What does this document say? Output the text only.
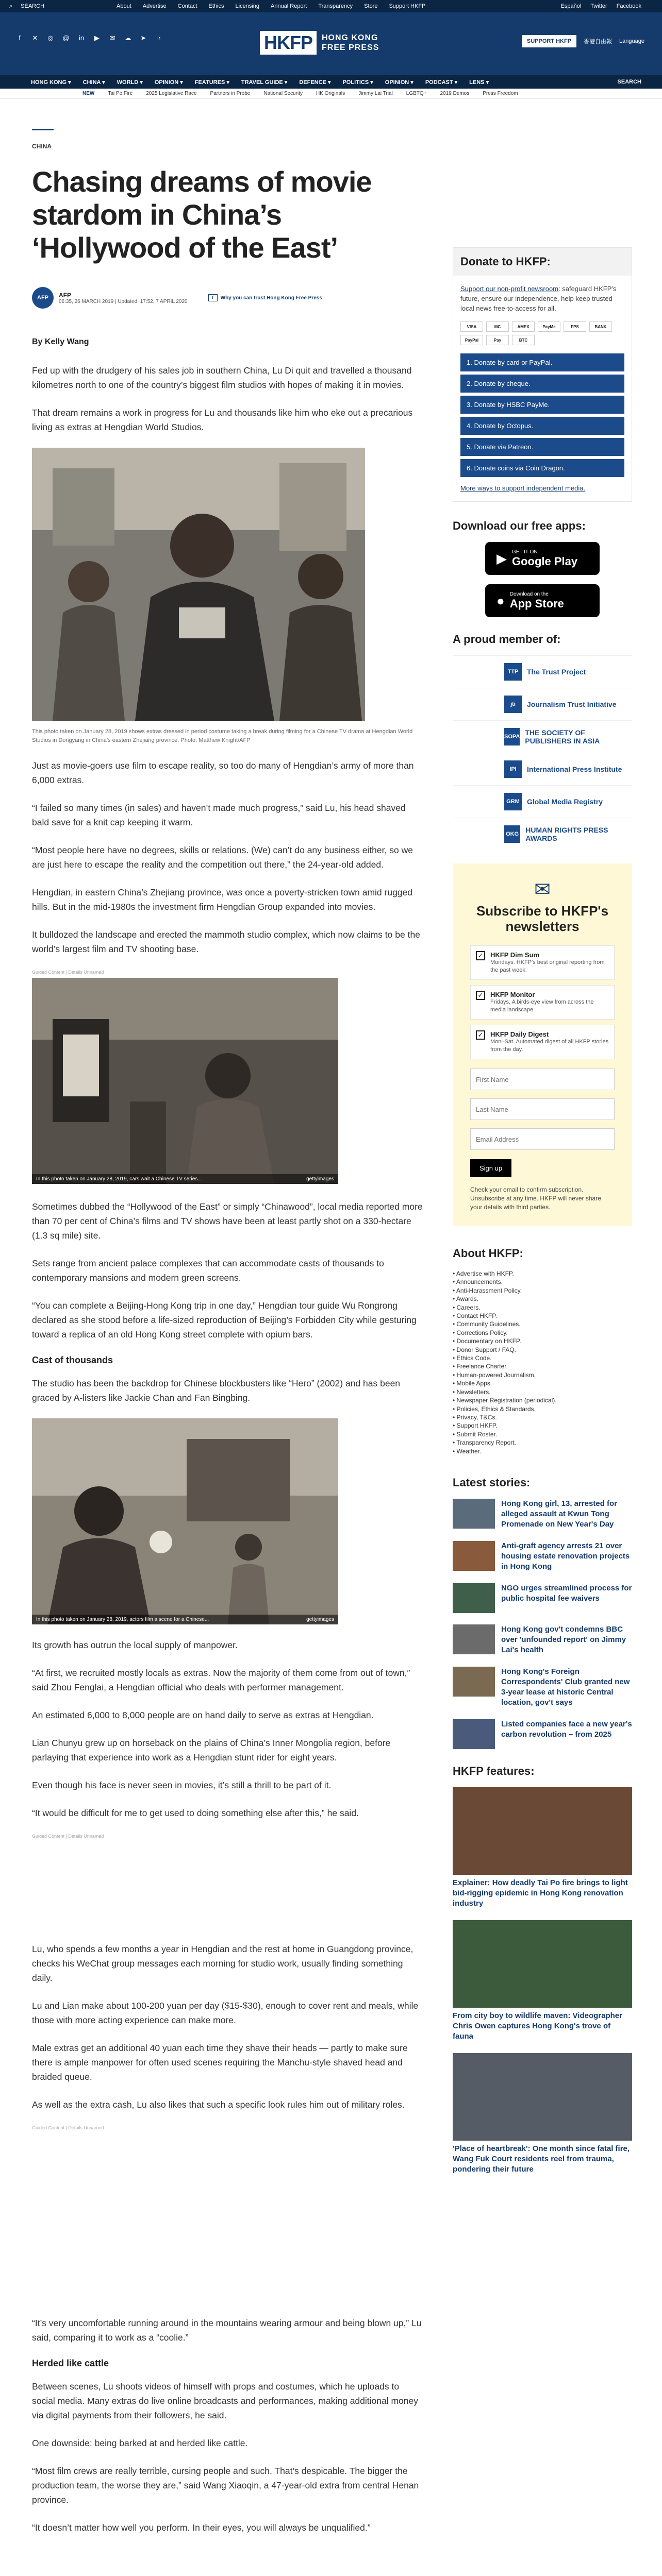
⌕ SEARCH	About Advertise Contact Ethics Licensing Annual Report Transparency Store Support HKFP	Español Twitter Facebook
f	✕ ◎ @ in ▶ ✉ ☁ ➤	◔	HKFP	HONG KONG
FREE PRESS
SUPPORT HKFP	香港自由報 Language
HONG KONG ▾ CHINA ▾ WORLD ▾ OPINION ▾ FEATURES ▾ TRAVEL GUIDE ▾ DEFENCE ▾ POLITICS ▾ OPINION ▾ PODCAST ▾ LENS ▾	SEARCH
NEW	Tai Po Fire	2025 Legislative Race	Partners in Probe	National Security	HK Originals	Jimmy Lai Trial	LGBTQ+	2019 Demos	Press Freedom
CHINA
Chasing dreams of movie stardom in China’s ‘Hollywood of the East’
AFP	AFP
06:35, 26 MARCH 2019 | Updated: 17:52, 7 APRIL 2020
T	Why you can trust Hong Kong Free Press
By Kelly Wang

Fed up with the drudgery of his sales job in southern China, Lu Di quit and travelled a thousand kilometres north to one of the country’s biggest film studios with hopes of making it in movies.

That dream remains a work in progress for Lu and thousands like him who eke out a precarious living as extras at Hengdian World Studios.

This photo taken on January 28, 2019 shows extras dressed in period costume taking a break during filming for a Chinese TV drama at Hengdian World Studios in Dongyang in China’s eastern Zhejiang province. Photo: Matthew Knight/AFP

Just as movie-goers use film to escape reality, so too do many of Hengdian’s army of more than 6,000 extras.

“I failed so many times (in sales) and haven’t made much progress,” said Lu, his head shaved bald save for a knit cap keeping it warm.

“Most people here have no degrees, skills or relations. (We) can’t do any business either, so we are just here to escape the reality and the competition out there,” the 24-year-old added.

Hengdian, in eastern China’s Zhejiang province, was once a poverty-stricken town amid rugged hills. But in the mid-1980s the investment firm Hengdian Group expanded into movies.

It bulldozed the landscape and erected the mammoth studio complex, which now claims to be the world’s largest film and TV shooting base.

Guided Content | Details Unnamed
In this photo taken on January 28, 2019, cars wait a Chinese TV series...	gettyimages

Sometimes dubbed the “Hollywood of the East” or simply “Chinawood”, local media reported more than 70 per cent of China’s films and TV shows have been at least partly shot on a 330-hectare (1.3 sq mile) site.

Sets range from ancient palace complexes that can accommodate casts of thousands to contemporary mansions and modern green screens.

“You can complete a Beijing-Hong Kong trip in one day,” Hengdian tour guide Wu Rongrong declared as she stood before a life-sized reproduction of Beijing’s Forbidden City while gesturing toward a replica of an old Hong Kong street complete with opium bars.

Cast of thousands

The studio has been the backdrop for Chinese blockbusters like “Hero” (2002) and has been graced by A-listers like Jackie Chan and Fan Bingbing.

In this photo taken on January 28, 2019, actors film a scene for a Chinese...	gettyimages

Its growth has outrun the local supply of manpower.

“At first, we recruited mostly locals as extras. Now the majority of them come from out of town,” said Zhou Fenglai, a Hengdian official who deals with performer management.

An estimated 6,000 to 8,000 people are on hand daily to serve as extras at Hengdian.

Lian Chunyu grew up on horseback on the plains of China’s Inner Mongolia region, before parlaying that experience into work as a Hengdian stunt rider for eight years.

Even though his face is never seen in movies, it’s still a thrill to be part of it.

“It would be difficult for me to get used to doing something else after this,” he said.

Guided Content | Details Unnamed

Lu, who spends a few months a year in Hengdian and the rest at home in Guangdong province, checks his WeChat group messages each morning for studio work, usually finding something daily.

Lu and Lian make about 100-200 yuan per day ($15-$30), enough to cover rent and meals, while those with more acting experience can make more.

Male extras get an additional 40 yuan each time they shave their heads — partly to make sure there is ample manpower for often used scenes requiring the Manchu-style shaved head and braided queue.

As well as the extra cash, Lu also likes that such a specific look rules him out of military roles.

Guided Content | Details Unnamed

“It’s very uncomfortable running around in the mountains wearing armour and being blown up,” Lu said, comparing it to work as a “coolie.”

Herded like cattle

Between scenes, Lu shoots videos of himself with props and costumes, which he uploads to social media. Many extras do live online broadcasts and performances, making additional money via digital payments from their followers, he said.

One downside: being barked at and herded like cattle.

“Most film crews are really terrible, cursing people and such. That’s despicable. The bigger the production team, the worse they are,” said Wang Xiaoqin, a 47-year-old extra from central Henan province.

“It doesn’t matter how well you perform. In their eyes, you will always be unqualified.”

Donate to HKFP:
Support our non-profit newsroom: safeguard HKFP’s future, ensure our independence, help keep trusted local news free-to-access for all.
VISA	MC	AMEX	PayMe	FPS	BANK
PayPal	Pay	BTC
1. Donate by card or PayPal.
2. Donate by cheque.
3. Donate by HSBC PayMe.
4. Donate by Octopus.
5. Donate via Patreon.
6. Donate coins via Coin Dragon.
More ways to support independent media.
Download our free apps:
▶ GET IT ON
Google Play
● Download on the
App Store
A proud member of:
TTP	The Trust Project
jti	Journalism Trust Initiative
SOPA THE SOCIETY OF PUBLISHERS IN ASIA
IPI	International Press Institute
GRM Global Media Registry
OKG HUMAN RIGHTS PRESS AWARDS
✉
Subscribe to HKFP's newsletters
✓ HKFP Dim Sum
Mondays. HKFP's best original reporting from the past week.
✓ HKFP Monitor
Fridays. A birds-eye view from across the media landscape.
✓ HKFP Daily Digest
Mon–Sat. Automated digest of all HKFP stories from the day.
First Name Last Name Email Address Sign up
Check your email to confirm subscription. Unsubscribe at any time. HKFP will never share your details with third parties.
About HKFP:
• Advertise with HKFP.
• Announcements.
• Anti-Harassment Policy.
• Awards.
• Careers.
• Contact HKFP.
• Community Guidelines.
• Corrections Policy.
• Documentary on HKFP.
• Donor Support / FAQ.
• Ethics Code.
• Freelance Charter.
• Human-powered Journalism.
• Mobile Apps.
• Newsletters.
• Newspaper Registration (periodical).
• Policies, Ethics & Standards.
• Privacy, T&Cs.
• Support HKFP.
• Submit Roster.
• Transparency Report.
• Weather.
Latest stories:
Hong Kong girl, 13, arrested for alleged assault at Kwun Tong Promenade on New Year's Day
Anti-graft agency arrests 21 over housing estate renovation projects in Hong Kong
NGO urges streamlined process for public hospital fee waivers
Hong Kong gov't condemns BBC over 'unfounded report' on Jimmy Lai's health
Hong Kong's Foreign Correspondents' Club granted new 3-year lease at historic Central location, gov't says
Listed companies face a new year's carbon revolution – from 2025
HKFP features:
Explainer: How deadly Tai Po fire brings to light bid-rigging epidemic in Hong Kong renovation industry
From city boy to wildlife maven: Videographer Chris Owen captures Hong Kong's trove of fauna
'Place of heartbreak': One month since fatal fire, Wang Fuk Court residents reel from trauma, pondering their future
